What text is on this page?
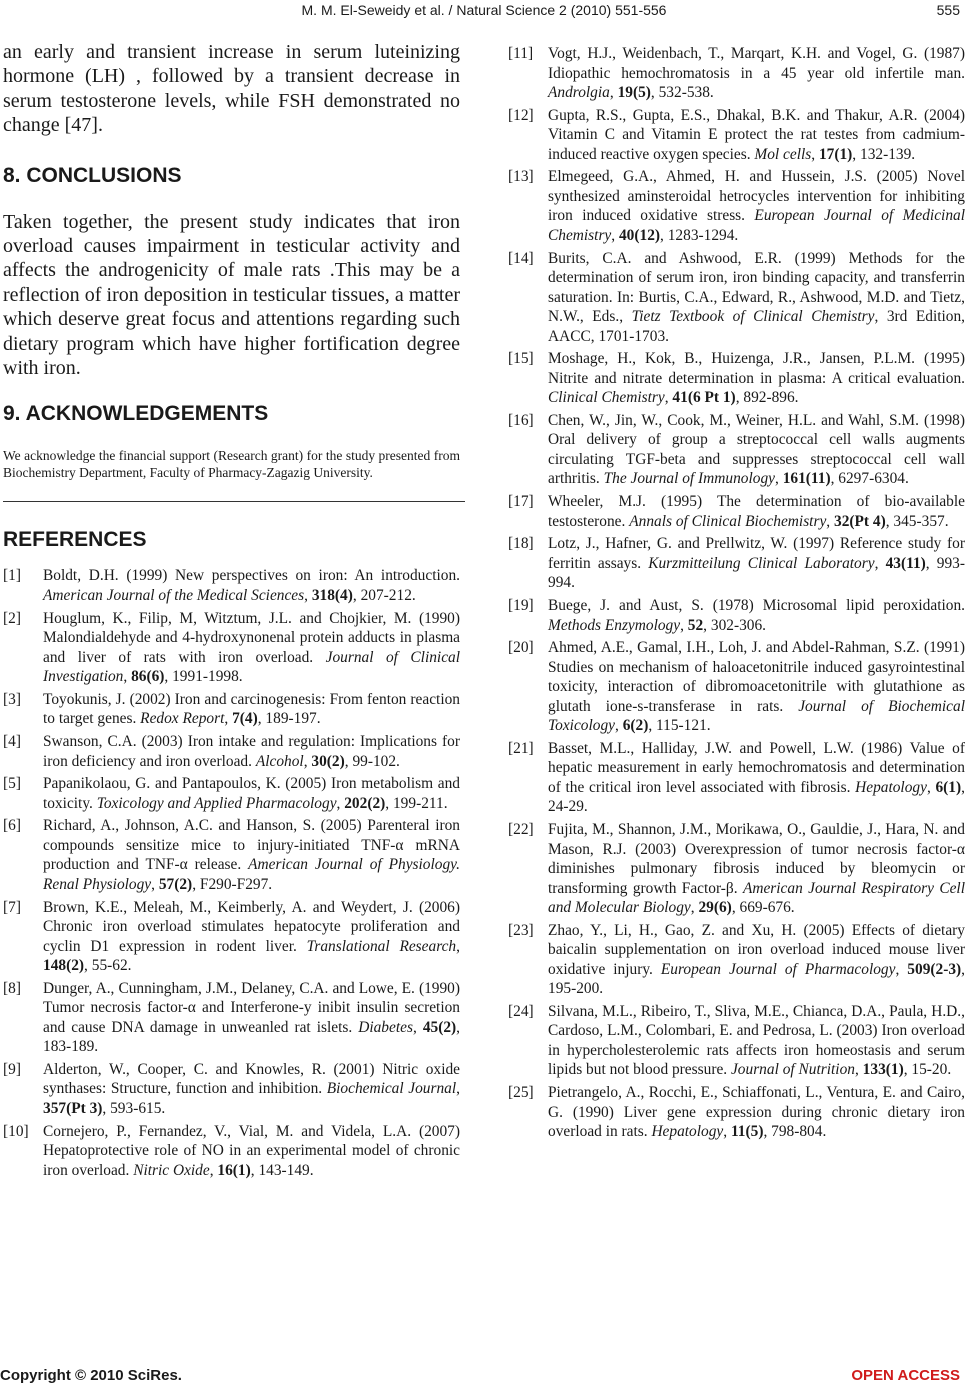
M. M. El-Seweidy et al. / Natural Science 2 (2010) 551-556	555

an early and transient increase in serum luteinizing hormone (LH) , followed by a transient decrease in serum testosterone levels, while FSH demonstrated no change [47].

8. CONCLUSIONS

Taken together, the present study indicates that iron overload causes impairment in testicular activity and affects the androgenicity of male rats .This may be a reflection of iron deposition in testicular tissues, a matter which deserve great focus and attentions regarding such dietary program which have higher fortification degree with iron.

9. ACKNOWLEDGEMENTS

We acknowledge the financial support (Research grant) for the study presented from Biochemistry Department, Faculty of Pharmacy-Zagazig University.

REFERENCES
[1] Boldt, D.H. (1999) New perspectives on iron: An introduction. American Journal of the Medical Sciences, 318(4), 207-212.
[2] Houglum, K., Filip, M, Witztum, J.L. and Chojkier, M. (1990) Malondialdehyde and 4-hydroxynonenal protein adducts in plasma and liver of rats with iron overload. Journal of Clinical Investigation, 86(6), 1991-1998.
[3] Toyokunis, J. (2002) Iron and carcinogenesis: From fenton reaction to target genes. Redox Report, 7(4), 189-197.
[4] Swanson, C.A. (2003) Iron intake and regulation: Implications for iron deficiency and iron overload. Alcohol, 30(2), 99-102.
[5] Papanikolaou, G. and Pantapoulos, K. (2005) Iron metabolism and toxicity. Toxicology and Applied Pharmacology, 202(2), 199-211.
[6] Richard, A., Johnson, A.C. and Hanson, S. (2005) Parenteral iron compounds sensitize mice to injury-initiated TNF-α mRNA production and TNF-α release. American Journal of Physiology. Renal Physiology, 57(2), F290-F297.
[7] Brown, K.E., Meleah, M., Keimberly, A. and Weydert, J. (2006) Chronic iron overload stimulates hepatocyte proliferation and cyclin D1 expression in rodent liver. Translational Research, 148(2), 55-62.
[8] Dunger, A., Cunningham, J.M., Delaney, C.A. and Lowe, E. (1990) Tumor necrosis factor-α and Interferone-y inibit insulin secretion and cause DNA damage in unweanled rat islets. Diabetes, 45(2), 183-189.
[9] Alderton, W., Cooper, C. and Knowles, R. (2001) Nitric oxide synthases: Structure, function and inhibition. Biochemical Journal, 357(Pt 3), 593-615.
[10] Cornejero, P., Fernandez, V., Vial, M. and Videla, L.A. (2007) Hepatoprotective role of NO in an experimental model of chronic iron overload. Nitric Oxide, 16(1), 143-149.
[11] Vogt, H.J., Weidenbach, T., Marqart, K.H. and Vogel, G. (1987) Idiopathic hemochromatosis in a 45 year old infertile man. Androlgia, 19(5), 532-538.
[12] Gupta, R.S., Gupta, E.S., Dhakal, B.K. and Thakur, A.R. (2004) Vitamin C and Vitamin E protect the rat testes from cadmium-induced reactive oxygen species. Mol cells, 17(1), 132-139.
[13] Elmegeed, G.A., Ahmed, H. and Hussein, J.S. (2005) Novel synthesized aminsteroidal hetrocycles intervention for inhibiting iron induced oxidative stress. European Journal of Medicinal Chemistry, 40(12), 1283-1294.
[14] Burits, C.A. and Ashwood, E.R. (1999) Methods for the determination of serum iron, iron binding capacity, and transferrin saturation. In: Burtis, C.A., Edward, R., Ashwood, M.D. and Tietz, N.W., Eds., Tietz Textbook of Clinical Chemistry, 3rd Edition, AACC, 1701-1703.
[15] Moshage, H., Kok, B., Huizenga, J.R., Jansen, P.L.M. (1995) Nitrite and nitrate determination in plasma: A critical evaluation. Clinical Chemistry, 41(6 Pt 1), 892-896.
[16] Chen, W., Jin, W., Cook, M., Weiner, H.L. and Wahl, S.M. (1998) Oral delivery of group a streptococcal cell walls augments circulating TGF-beta and suppresses streptococcal cell wall arthritis. The Journal of Immunology, 161(11), 6297-6304.
[17] Wheeler, M.J. (1995) The determination of bio-available testosterone. Annals of Clinical Biochemistry, 32(Pt 4), 345-357.
[18] Lotz, J., Hafner, G. and Prellwitz, W. (1997) Reference study for ferritin assays. Kurzmitteilung Clinical Laboratory, 43(11), 993-994.
[19] Buege, J. and Aust, S. (1978) Microsomal lipid peroxidation. Methods Enzymology, 52, 302-306.
[20] Ahmed, A.E., Gamal, I.H., Loh, J. and Abdel-Rahman, S.Z. (1991) Studies on mechanism of haloacetonitrile induced gasyrointestinal toxicity, interaction of dibromoacetonitrile with glutathione as glutath ione-s-transferase in rats. Journal of Biochemical Toxicology, 6(2), 115-121.
[21] Basset, M.L., Halliday, J.W. and Powell, L.W. (1986) Value of hepatic measurement in early hemochromatosis and determination of the critical iron level associated with fibrosis. Hepatology, 6(1), 24-29.
[22] Fujita, M., Shannon, J.M., Morikawa, O., Gauldie, J., Hara, N. and Mason, R.J. (2003) Overexpression of tumor necrosis factor-α diminishes pulmonary fibrosis induced by bleomycin or transforming growth Factor-β. American Journal Respiratory Cell and Molecular Biology, 29(6), 669-676.
[23] Zhao, Y., Li, H., Gao, Z. and Xu, H. (2005) Effects of dietary baicalin supplementation on iron overload induced mouse liver oxidative injury. European Journal of Pharmacology, 509(2-3), 195-200.
[24] Silvana, M.L., Ribeiro, T., Sliva, M.E., Chianca, D.A., Paula, H.D., Cardoso, L.M., Colombari, E. and Pedrosa, L. (2003) Iron overload in hypercholesterolemic rats affects iron homeostasis and serum lipids but not blood pressure. Journal of Nutrition, 133(1), 15-20.
[25] Pietrangelo, A., Rocchi, E., Schiaffonati, L., Ventura, E. and Cairo, G. (1990) Liver gene expression during chronic dietary iron overload in rats. Hepatology, 11(5), 798-804.
Copyright © 2010 SciRes.	OPEN ACCESS
